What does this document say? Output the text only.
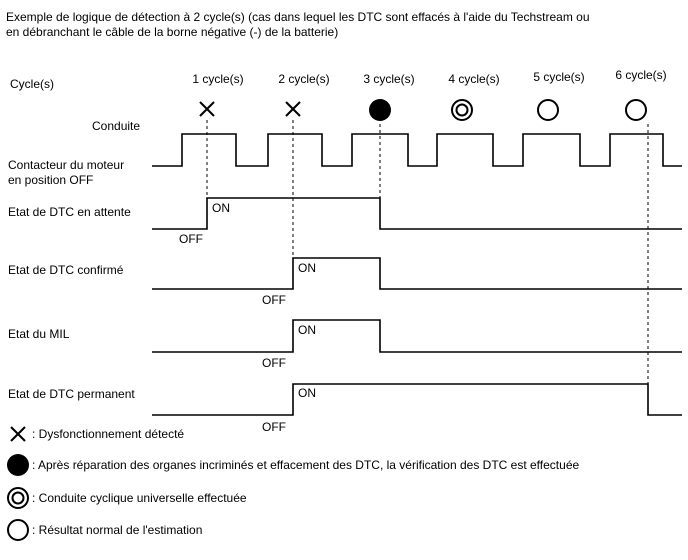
Exemple de logique de détection à 2 cycle(s) (cas dans lequel les DTC sont effacés à l'aide du Techstream ou
en débranchant le câble de la borne négative (-) de la batterie)
Cycle(s)	1 cycle(s)	2 cycle(s)	3 cycle(s)	4 cycle(s)	5 cycle(s)	6 cycle(s)
Conduite
Contacteur du moteur
en position OFF
Etat de DTC en attente
Etat de DTC confirmé
Etat du MIL
Etat de DTC permanent
ON
OFF
ON
OFF
ON
OFF
ON
OFF
: Dysfonctionnement détecté
: Après réparation des organes incriminés et effacement des DTC, la vérification des DTC est effectuée
: Conduite cyclique universelle effectuée
: Résultat normal de l'estimation
